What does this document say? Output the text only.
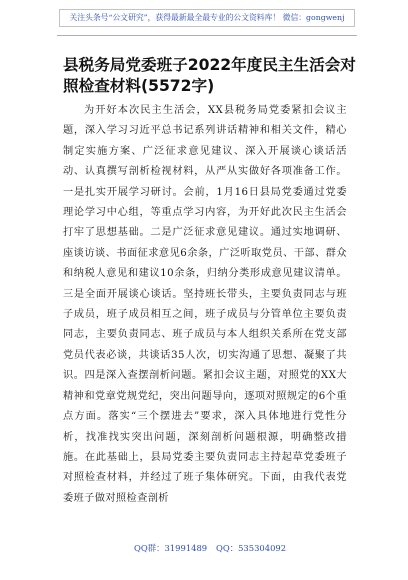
关注头条号“公文研究”，获得最新最全最专业的公文资料库！ 微信：gongwenj
县税务局党委班子2022年度民主生活会对照检查材料(5572字)

为开好本次民主生活会，XX县税务局党委紧扣会议主题，深入学习习近平总书记系列讲话精神和相关文件，精心制定实施方案、广泛征求意见建议、深入开展谈心谈话活动、认真撰写剖析检视材料，从严从实做好各项准备工作。一是扎实开展学习研讨。会前，1月16日县局党委通过党委理论学习中心组，等重点学习内容，为开好此次民主生活会打牢了思想基础。二是广泛征求意见建议。通过实地调研、座谈访谈、书面征求意见6余条，广泛听取党员、干部、群众和纳税人意见和建议10余条，归纳分类形成意见建议清单。三是全面开展谈心谈话。坚持班长带头，主要负责同志与班子成员，班子成员相互之间，班子成员与分管单位主要负责同志，主要负责同志、班子成员与本人组织关系所在党支部党员代表必谈，共谈话35人次，切实沟通了思想、凝聚了共识。四是深入查摆剖析问题。紧扣会议主题，对照党的XX大精神和党章党规党纪，突出问题导向，逐项对照规定的6个重点方面。落实“三个摆进去”要求，深入具体地进行党性分析，找准找实突出问题，深刻剖析问题根源，明确整改措施。在此基础上，县局党委主要负责同志主持起草党委班子对照检查材料，并经过了班子集体研究。下面，由我代表党委班子做对照检查剖析

QQ群：31991489 QQ：535304092
